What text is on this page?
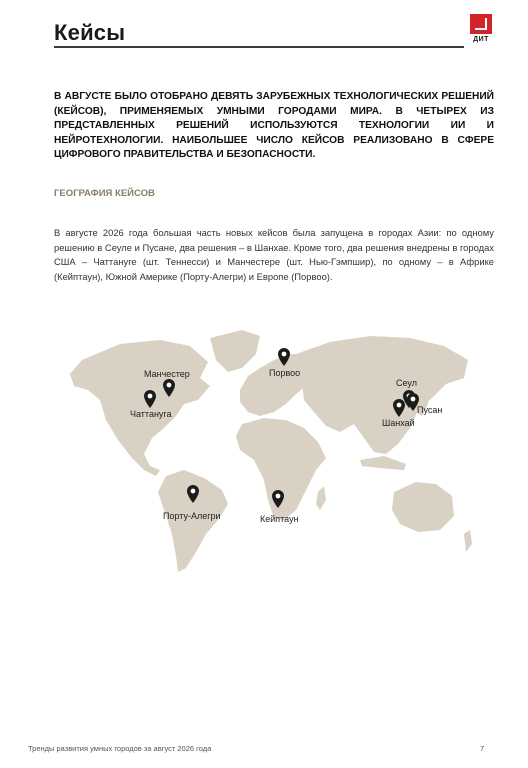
Кейсы	ДИТ
В АВГУСТЕ БЫЛО ОТОБРАНО ДЕВЯТЬ ЗАРУБЕЖНЫХ ТЕХНОЛОГИЧЕСКИХ РЕШЕНИЙ (КЕЙСОВ), ПРИМЕНЯЕМЫХ УМНЫМИ ГОРОДАМИ МИРА. В ЧЕТЫРЕХ ИЗ ПРЕДСТАВЛЕННЫХ РЕШЕНИЙ ИСПОЛЬЗУЮТСЯ ТЕХНОЛОГИИ ИИ И НЕЙРОТЕХНОЛОГИИ. НАИБОЛЬШЕЕ ЧИСЛО КЕЙСОВ РЕАЛИЗОВАНО В СФЕРЕ ЦИФРОВОГО ПРАВИТЕЛЬСТВА И БЕЗОПАСНОСТИ.
ГЕОГРАФИЯ КЕЙСОВ
В августе 2026 года большая часть новых кейсов была запущена в городах Азии: по одному решению в Сеуле и Пусане, два решения – в Шанхае. Кроме того, два решения внедрены в городах США – Чаттануге (шт. Теннесси) и Манчестере (шт. Нью-Гэмпшир), по одному – в Африке (Кейптаун), Южной Америке (Порту-Алегри) и Европе (Порвоо).
Манчестер
Чаттануга
Порвоо
Сеул
Пусан
Шанхай
Порту-Алегри	Кейптаун
Тренды развития умных городов за август 2026 года	7
